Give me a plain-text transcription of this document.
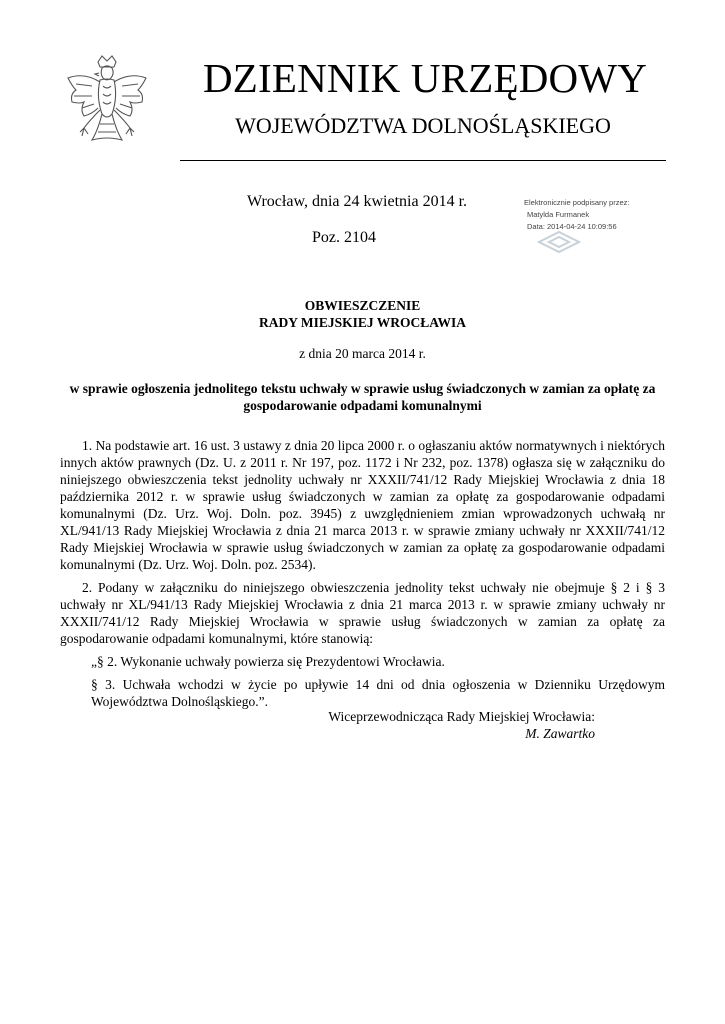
DZIENNIK URZĘDOWY
WOJEWÓDZTWA DOLNOŚLĄSKIEGO
Wrocław, dnia 24 kwietnia 2014 r.
Poz. 2104
Elektronicznie podpisany przez:
Matylda Furmanek
Data: 2014-04-24 10:09:56
OBWIESZCZENIE
RADY MIEJSKIEJ WROCŁAWIA
z dnia 20 marca 2014 r.
w sprawie ogłoszenia jednolitego tekstu uchwały w sprawie usług świadczonych w zamian za opłatę za gospodarowanie odpadami komunalnymi

1. Na podstawie art. 16 ust. 3 ustawy z dnia 20 lipca 2000 r. o ogłaszaniu aktów normatywnych i niektórych innych aktów prawnych (Dz. U. z 2011 r. Nr 197, poz. 1172 i Nr 232, poz. 1378) ogłasza się w załączniku do niniejszego obwieszczenia tekst jednolity uchwały nr XXXII/741/12 Rady Miejskiej Wrocławia z dnia 18 października 2012 r. w sprawie usług świadczonych w zamian za opłatę za gospodarowanie odpadami komunalnymi (Dz. Urz. Woj. Doln. poz. 3945) z uwzględnieniem zmian wprowadzonych uchwałą nr XL/941/13 Rady Miejskiej Wrocławia z dnia 21 marca 2013 r. w sprawie zmiany uchwały nr XXXII/741/12 Rady Miejskiej Wrocławia w sprawie usług świadczonych w zamian za opłatę za gospodarowanie odpadami komunalnymi (Dz. Urz. Woj. Doln. poz. 2534).

2. Podany w załączniku do niniejszego obwieszczenia jednolity tekst uchwały nie obejmuje § 2 i § 3 uchwały nr XL/941/13 Rady Miejskiej Wrocławia z dnia 21 marca 2013 r. w sprawie zmiany uchwały nr XXXII/741/12 Rady Miejskiej Wrocławia w sprawie usług świadczonych w zamian za opłatę za gospodarowanie odpadami komunalnymi, które stanowią:

„§ 2. Wykonanie uchwały powierza się Prezydentowi Wrocławia.

§ 3. Uchwała wchodzi w życie po upływie 14 dni od dnia ogłoszenia w Dzienniku Urzędowym Województwa Dolnośląskiego.”.

Wiceprzewodnicząca Rady Miejskiej Wrocławia:
M. Zawartko
